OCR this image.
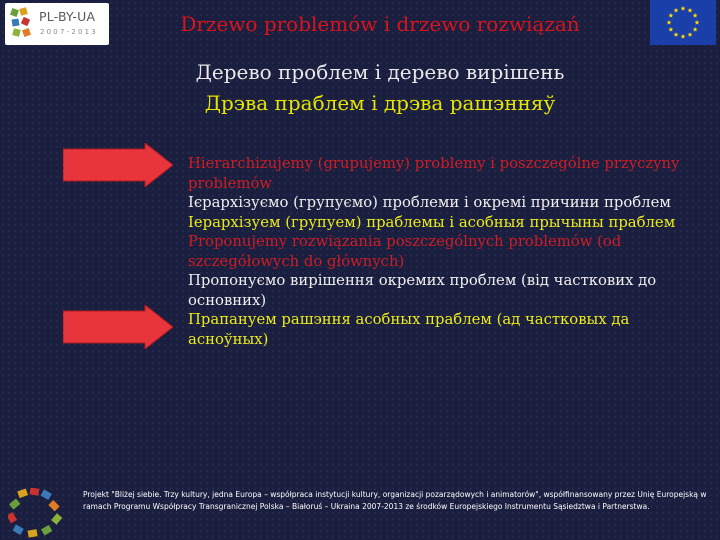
PL-BY-UA
2007-2013	Drzewo problemów i drzewo rozwiązań
Дерево проблем і дерево вирішень
Дрэва праблем і дрэва рашэнняў
Hierarchizujemy (grupujemy) problemy i poszczególne przyczyny problemów
Ієрархізуємо (групуємо) проблеми і окремі причини проблем
Іерархізуем (групуем) праблемы і асобныя прычыны праблем
Proponujemy rozwiązania poszczególnych problemów (od szczegółowych do głównych)
Пропонуємо вирішення окремих проблем (від часткових до основних)
Прапануем рашэння асобных праблем (ад частковых да асноўных)
Projekt "Bliżej siebie. Trzy kultury, jedna Europa – współpraca instytucji kultury, organizacji pozarządowych i animatorów", współfinansowany przez Unię Europejską w ramach Programu Współpracy Transgranicznej Polska – Białoruś – Ukraina 2007-2013 ze środków Europejskiego Instrumentu Sąsiedztwa i Partnerstwa.
